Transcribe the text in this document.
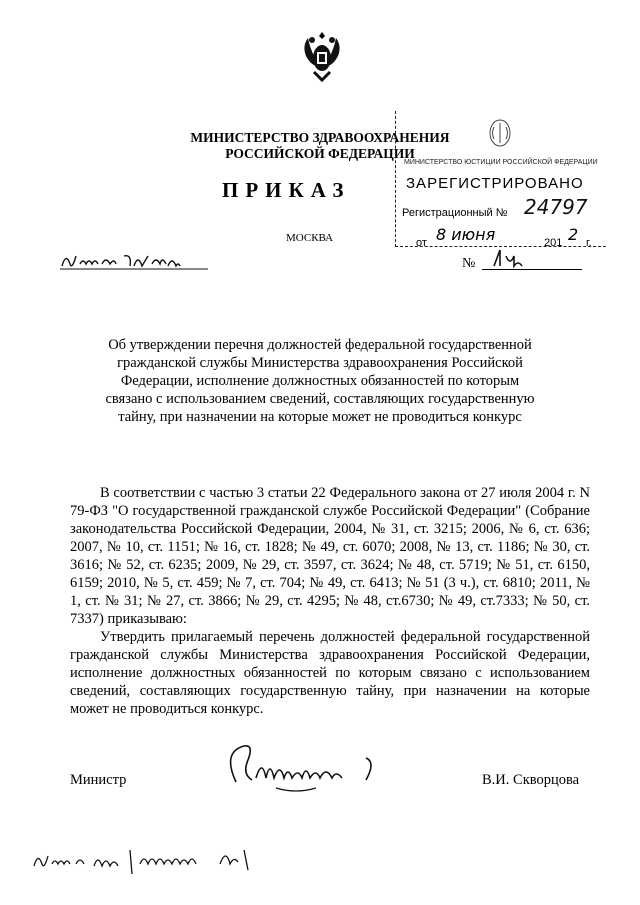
МИНИСТЕРСТВО ЗДРАВООХРАНЕНИЯ
РОССИЙСКОЙ ФЕДЕРАЦИИ
ПРИКАЗ
МОСКВА
№
МИНИСТЕРСТВО ЮСТИЦИИ РОССИЙСКОЙ ФЕДЕРАЦИИ
ЗАРЕГИСТРИРОВАНО
Регистрационный № 24797
от 8 июня	201 2 г.
Об утверждении перечня должностей федеральной государственной гражданской службы Министерства здравоохранения Российской Федерации, исполнение должностных обязанностей по которым связано с использованием сведений, составляющих государственную тайну, при назначении на которые может не проводиться конкурс

В соответствии с частью 3 статьи 22 Федерального закона от 27 июля 2004 г. N 79-ФЗ "О государственной гражданской службе Российской Федерации" (Собрание законодательства Российской Федерации, 2004, № 31, ст. 3215; 2006, № 6, ст. 636; 2007, № 10, ст. 1151; № 16, ст. 1828; № 49, ст. 6070; 2008, № 13, ст. 1186; № 30, ст. 3616; № 52, ст. 6235; 2009, № 29, ст. 3597, ст. 3624; № 48, ст. 5719; № 51, ст. 6150, 6159; 2010, № 5, ст. 459; № 7, ст. 704; № 49, ст. 6413; № 51 (3 ч.), ст. 6810; 2011, № 1, ст. № 31; № 27, ст. 3866; № 29, ст. 4295; № 48, ст.6730; № 49, ст.7333; № 50, ст. 7337) приказываю:

Утвердить прилагаемый перечень должностей федеральной государственной гражданской службы Министерства здравоохранения Российской Федерации, исполнение должностных обязанностей по которым связано с использованием сведений, составляющих государственную тайну, при назначении на которые может не проводиться конкурс.

Министр	В.И. Скворцова
